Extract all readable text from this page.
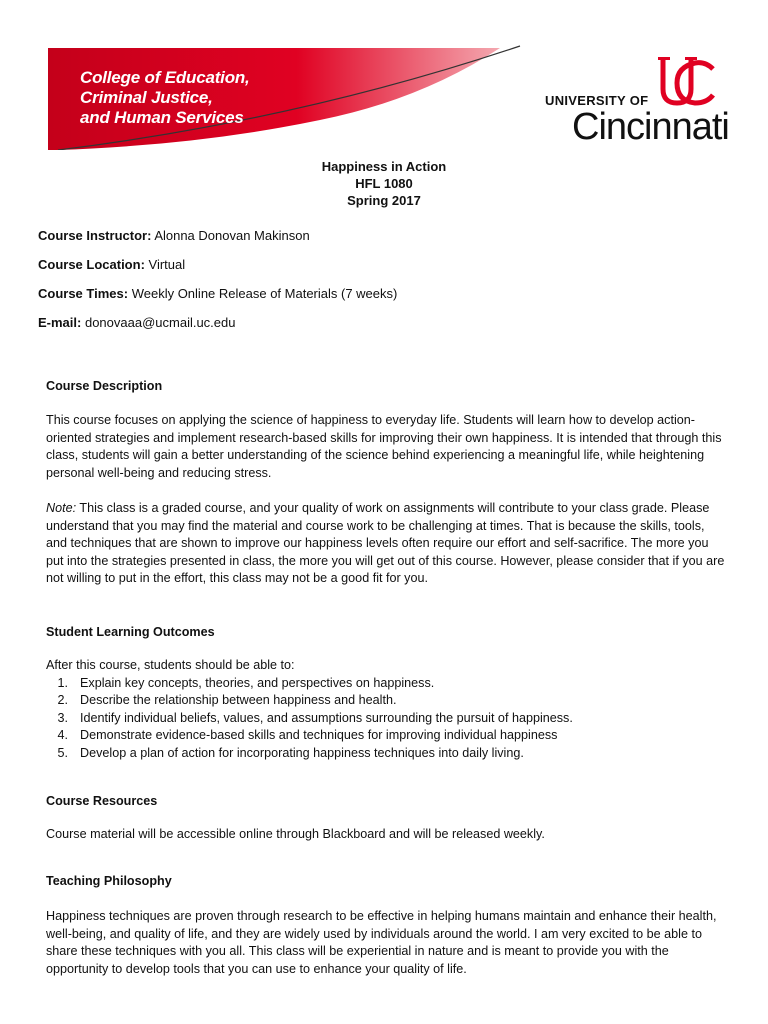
College of Education,
Criminal Justice,
and Human Services
UNIVERSITY OF
Cincinnati
Happiness in Action
HFL 1080
Spring 2017
Course Instructor: Alonna Donovan Makinson
Course Location: Virtual
Course Times: Weekly Online Release of Materials (7 weeks)
E-mail: donovaaa@ucmail.uc.edu
Course Description

This course focuses on applying the science of happiness to everyday life. Students will learn how to develop action-oriented strategies and implement research-based skills for improving their own happiness. It is intended that through this class, students will gain a better understanding of the science behind experiencing a meaningful life, while heightening personal well-being and reducing stress.

Note: This class is a graded course, and your quality of work on assignments will contribute to your class grade. Please understand that you may find the material and course work to be challenging at times. That is because the skills, tools, and techniques that are shown to improve our happiness levels often require our effort and self-sacrifice. The more you put into the strategies presented in class, the more you will get out of this course. However, please consider that if you are not willing to put in the effort, this class may not be a good fit for you.

Student Learning Outcomes

After this course, students should be able to:

1. Explain key concepts, theories, and perspectives on happiness.
2. Describe the relationship between happiness and health.
3. Identify individual beliefs, values, and assumptions surrounding the pursuit of happiness.
4. Demonstrate evidence-based skills and techniques for improving individual happiness
5. Develop a plan of action for incorporating happiness techniques into daily living.
Course Resources

Course material will be accessible online through Blackboard and will be released weekly.

Teaching Philosophy

Happiness techniques are proven through research to be effective in helping humans maintain and enhance their health, well-being, and quality of life, and they are widely used by individuals around the world. I am very excited to be able to share these techniques with you all. This class will be experiential in nature and is meant to provide you with the opportunity to develop tools that you can use to enhance your quality of life.
